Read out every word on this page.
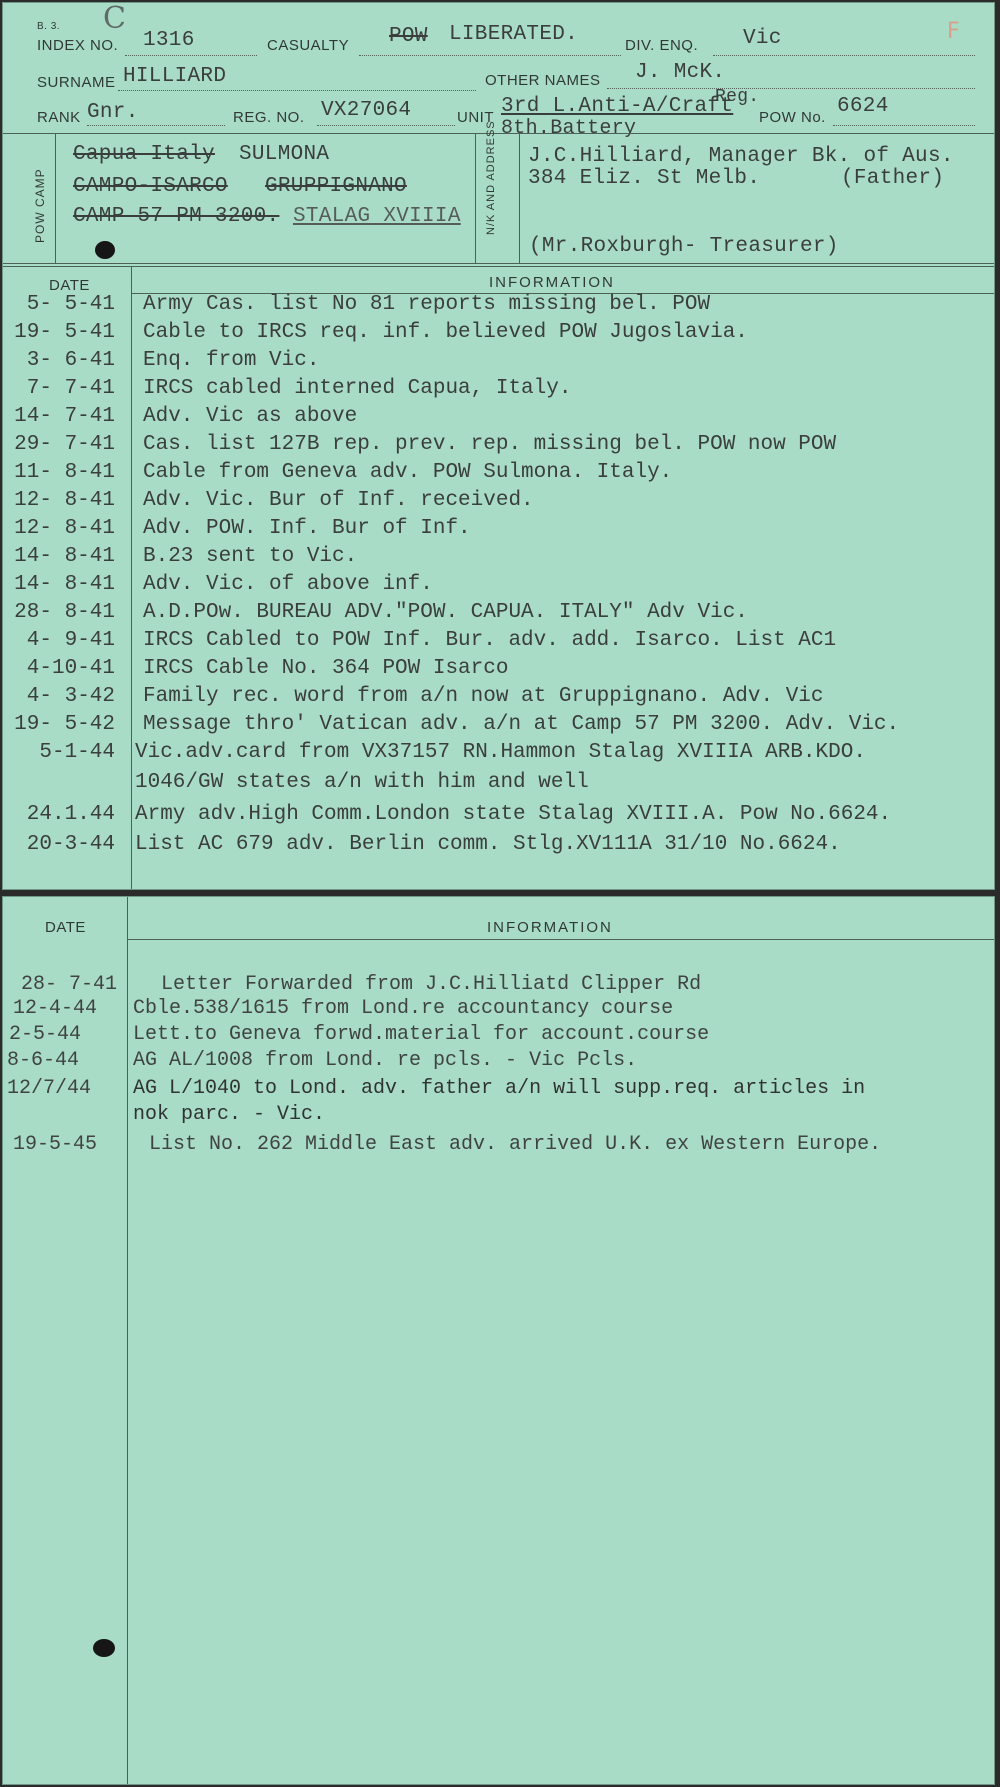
B. 3. C	F
INDEX NO. 1316	CASUALTY POW LIBERATED.	DIV. ENQ. Vic
SURNAME HILLIARD	OTHER NAMES J. McK.
RANK Gnr.	REG. NO. VX27064	UNIT 3rd L.Anti-A/Craft
Reg.
8th.Battery	POW No. 6624
POW CAMP	N/K AND ADDRESS
Capua Italy SULMONA
CAMPO-ISARCO GRUPPIGNANO
CAMP 57 PM 3200. STALAG XVIIIA
J.C.Hilliard, Manager Bk. of Aus.
384 Eliz. St Melb.	(Father)
(Mr.Roxburgh- Treasurer)
DATE	INFORMATION
5- 5-41 Army Cas. list No 81 reports missing bel. POW
19- 5-41 Cable to IRCS req. inf. believed POW Jugoslavia.
3- 6-41 Enq. from Vic.
7- 7-41 IRCS cabled interned Capua, Italy.
14- 7-41 Adv. Vic as above
29- 7-41 Cas. list 127B rep. prev. rep. missing bel. POW now POW
11- 8-41 Cable from Geneva adv. POW Sulmona. Italy.
12- 8-41 Adv. Vic. Bur of Inf. received.
12- 8-41 Adv. POW. Inf. Bur of Inf.
14- 8-41 B.23 sent to Vic.
14- 8-41 Adv. Vic. of above inf.
28- 8-41 A.D.POw. BUREAU ADV."POW. CAPUA. ITALY" Adv Vic.
4- 9-41 IRCS Cabled to POW Inf. Bur. adv. add. Isarco. List AC1
4-10-41 IRCS Cable No. 364 POW Isarco
4- 3-42 Family rec. word from a/n now at Gruppignano. Adv. Vic
19- 5-42 Message thro' Vatican adv. a/n at Camp 57 PM 3200. Adv. Vic.
5-1-44 Vic.adv.card from VX37157 RN.Hammon Stalag XVIIIA ARB.KDO.
1046/GW states a/n with him and well
24.1.44 Army adv.High Comm.London state Stalag XVIII.A. Pow No.6624.
20-3-44 List AC 679 adv. Berlin comm. Stlg.XV111A 31/10 No.6624.
DATE	INFORMATION
28- 7-41 Letter Forwarded from J.C.Hilliatd Clipper Rd
12-4-44 Cble.538/1615 from Lond.re accountancy course
2-5-44	Lett.to Geneva forwd.material for account.course
8-6-44	AG AL/1008 from Lond. re pcls. - Vic Pcls.
12/7/44 AG L/1040 to Lond. adv. father a/n will supp.req. articles in
nok parc. - Vic.
19-5-45	List No. 262 Middle East adv. arrived U.K. ex Western Europe.
